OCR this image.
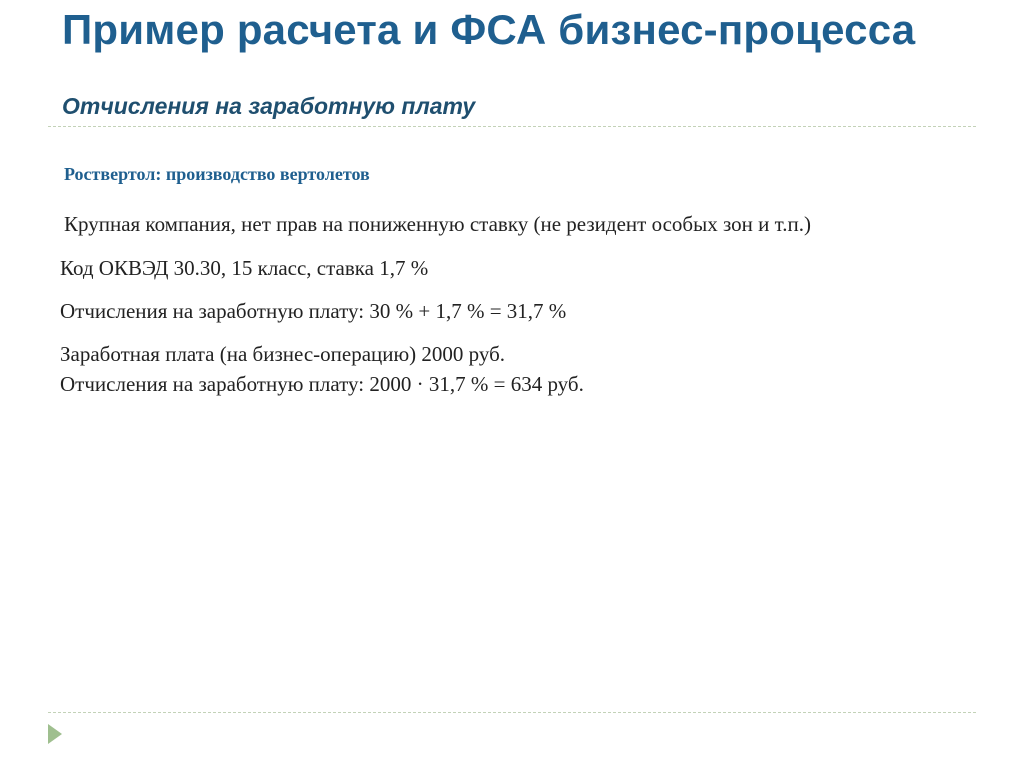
Пример расчета и ФСА бизнес-процесса
Отчисления на заработную плату
Роствертол: производство вертолетов
Крупная компания, нет прав на пониженную ставку (не резидент особых зон и т.п.)
Код ОКВЭД 30.30, 15 класс, ставка 1,7 %
Отчисления на заработную плату: 30 % + 1,7 % = 31,7 %
Заработная плата (на бизнес-операцию) 2000 руб.
Отчисления на заработную плату: 2000 · 31,7 % = 634 руб.
